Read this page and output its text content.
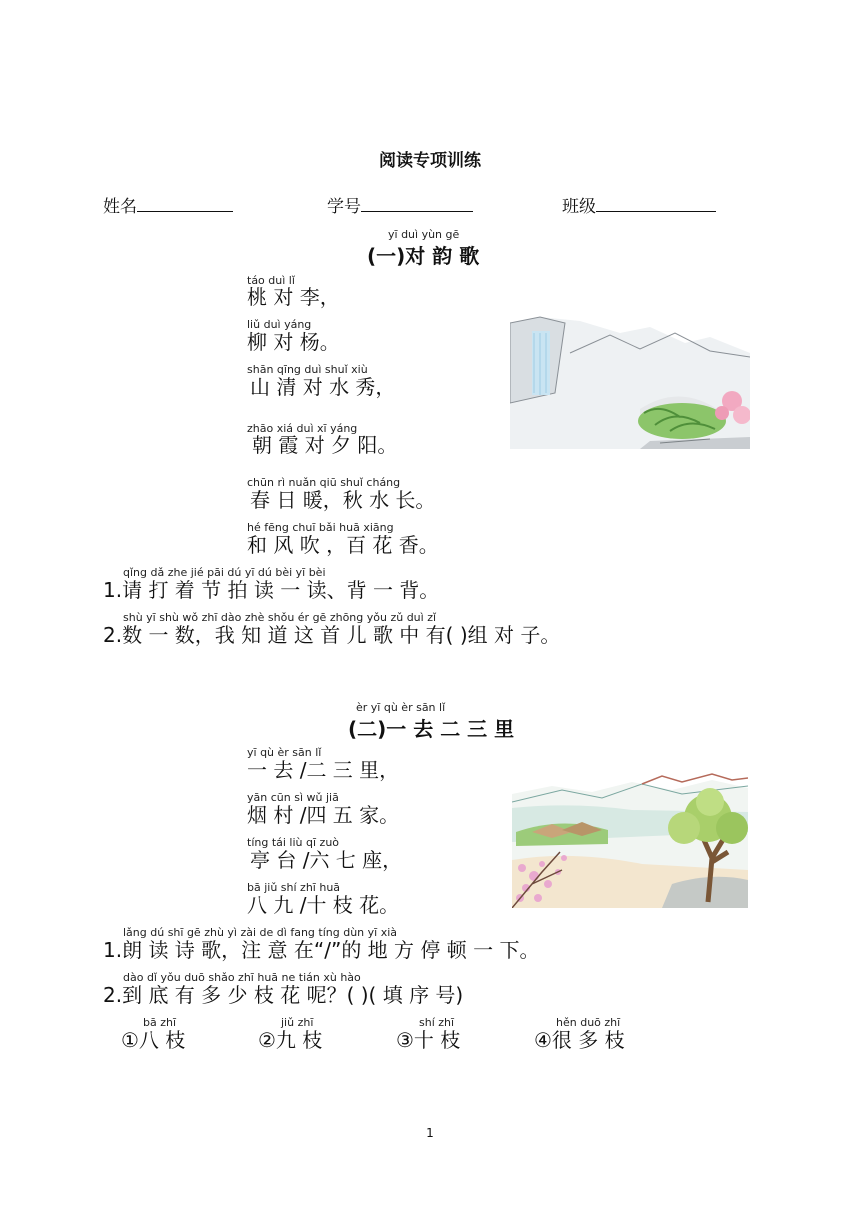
阅读专项训练
姓名	学号	班级
yī duì yùn gē
(一)对 韵 歌
táo duì lǐ
桃 对 李，
liǔ duì yáng
柳 对 杨。
shān qīng duì shuǐ xiù
山 清 对 水 秀，
zhāo xiá duì xī yáng
朝 霞 对 夕 阳。
chūn rì nuǎn qiū shuǐ cháng
春 日 暖，秋 水 长。
hé fēng chuī bǎi huā xiāng
和 风 吹 ，百 花 香。
qǐng dǎ zhe jié pāi dú yī dú bèi yī bèi
1.请 打 着 节 拍 读 一 读、背 一 背。
shù yī shù wǒ zhī dào zhè shǒu ér gē zhōng yǒu zǔ duì zǐ
2.数 一 数，我 知 道 这 首 儿 歌 中 有( )组 对 子。
èr yī qù èr sān lǐ
(二)一 去 二 三 里
yī qù èr sān lǐ
一 去 /二 三 里，
yān cūn sì wǔ jiā
烟 村 /四 五 家。
tíng tái liù qī zuò
亭 台 /六 七 座，
bā jiǔ shí zhī huā
八 九 /十 枝 花。
lǎng dú shī gē zhù yì zài de dì fang tíng dùn yī xià
1.朗 读 诗 歌，注 意 在“/”的 地 方 停 顿 一 下。
dào dǐ yǒu duō shǎo zhī huā ne tián xù hào
2.到 底 有 多 少 枝 花 呢？( )( 填 序 号)
bā zhī
①八 枝
jiǔ zhī
②九 枝
shí zhī
③十 枝
hěn duō zhī
④很 多 枝
1
